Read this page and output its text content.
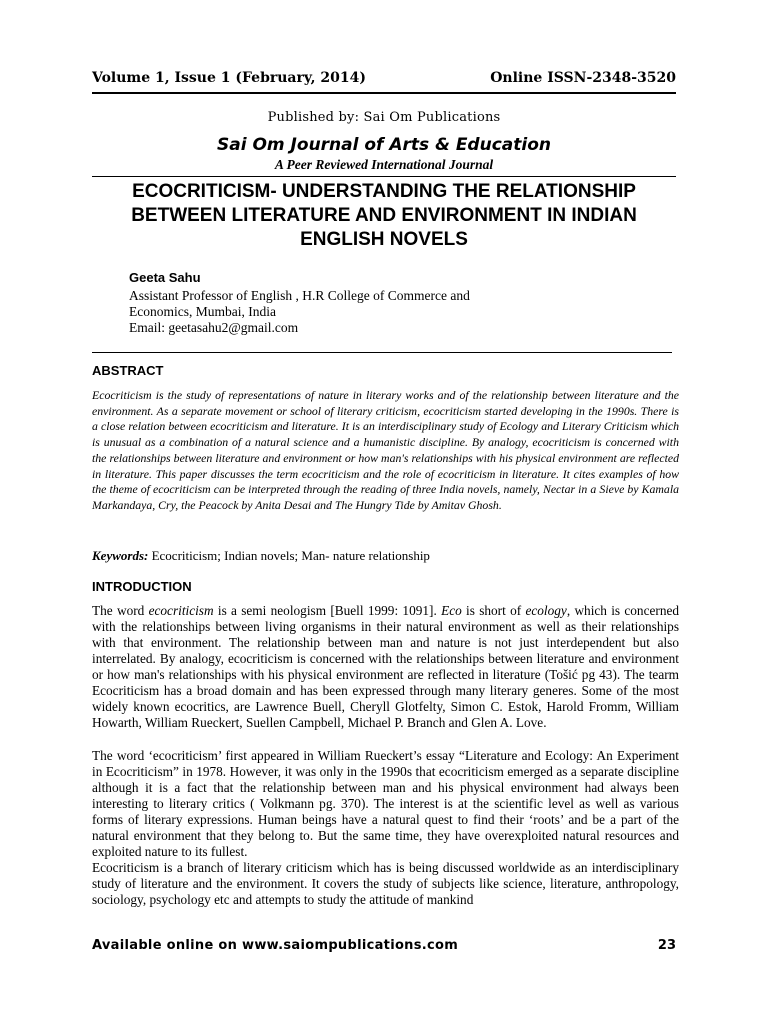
Volume 1, Issue 1 (February, 2014)	Online ISSN-2348-3520
Published by: Sai Om Publications
Sai Om Journal of Arts & Education
A Peer Reviewed International Journal
ECOCRITICISM- UNDERSTANDING THE RELATIONSHIP BETWEEN LITERATURE AND ENVIRONMENT IN INDIAN ENGLISH NOVELS
Geeta Sahu
Assistant Professor of English , H.R College of Commerce and
Economics, Mumbai, India
Email: geetasahu2@gmail.com
ABSTRACT
Ecocriticism is the study of representations of nature in literary works and of the relationship between literature and the environment. As a separate movement or school of literary criticism, ecocriticism started developing in the 1990s. There is a close relation between ecocriticism and literature. It is an interdisciplinary study of Ecology and Literary Criticism which is unusual as a combination of a natural science and a humanistic discipline. By analogy, ecocriticism is concerned with the relationships between literature and environment or how man's relationships with his physical environment are reflected in literature. This paper discusses the term ecocriticism and the role of ecocriticism in literature. It cites examples of how the theme of ecocriticism can be interpreted through the reading of three India novels, namely, Nectar in a Sieve by Kamala Markandaya, Cry, the Peacock by Anita Desai and The Hungry Tide by Amitav Ghosh.
Keywords: Ecocriticism; Indian novels; Man- nature relationship
INTRODUCTION
The word ecocriticism is a semi neologism [Buell 1999: 1091]. Eco is short of ecology, which is concerned with the relationships between living organisms in their natural environment as well as their relationships with that environment. The relationship between man and nature is not just interdependent but also interrelated. By analogy, ecocriticism is concerned with the relationships between literature and environment or how man's relationships with his physical environment are reflected in literature (Tošić pg 43). The tearm Ecocriticism has a broad domain and has been expressed through many literary generes. Some of the most widely known ecocritics, are Lawrence Buell, Cheryll Glotfelty, Simon C. Estok, Harold Fromm, William Howarth, William Rueckert, Suellen Campbell, Michael P. Branch and Glen A. Love.
The word ‘ecocriticism’ first appeared in William Rueckert’s essay “Literature and Ecology: An Experiment in Ecocriticism” in 1978. However, it was only in the 1990s that ecocriticism emerged as a separate discipline although it is a fact that the relationship between man and his physical environment had always been interesting to literary critics ( Volkmann pg. 370). The interest is at the scientific level as well as various forms of literary expressions. Human beings have a natural quest to find their ‘roots’ and be a part of the natural environment that they belong to. But the same time, they have overexploited natural resources and exploited nature to its fullest.
Ecocriticism is a branch of literary criticism which has is being discussed worldwide as an interdisciplinary study of literature and the environment. It covers the study of subjects like science, literature, anthropology, sociology, psychology etc and attempts to study the attitude of mankind
Available online on www.saiompublications.com	23
